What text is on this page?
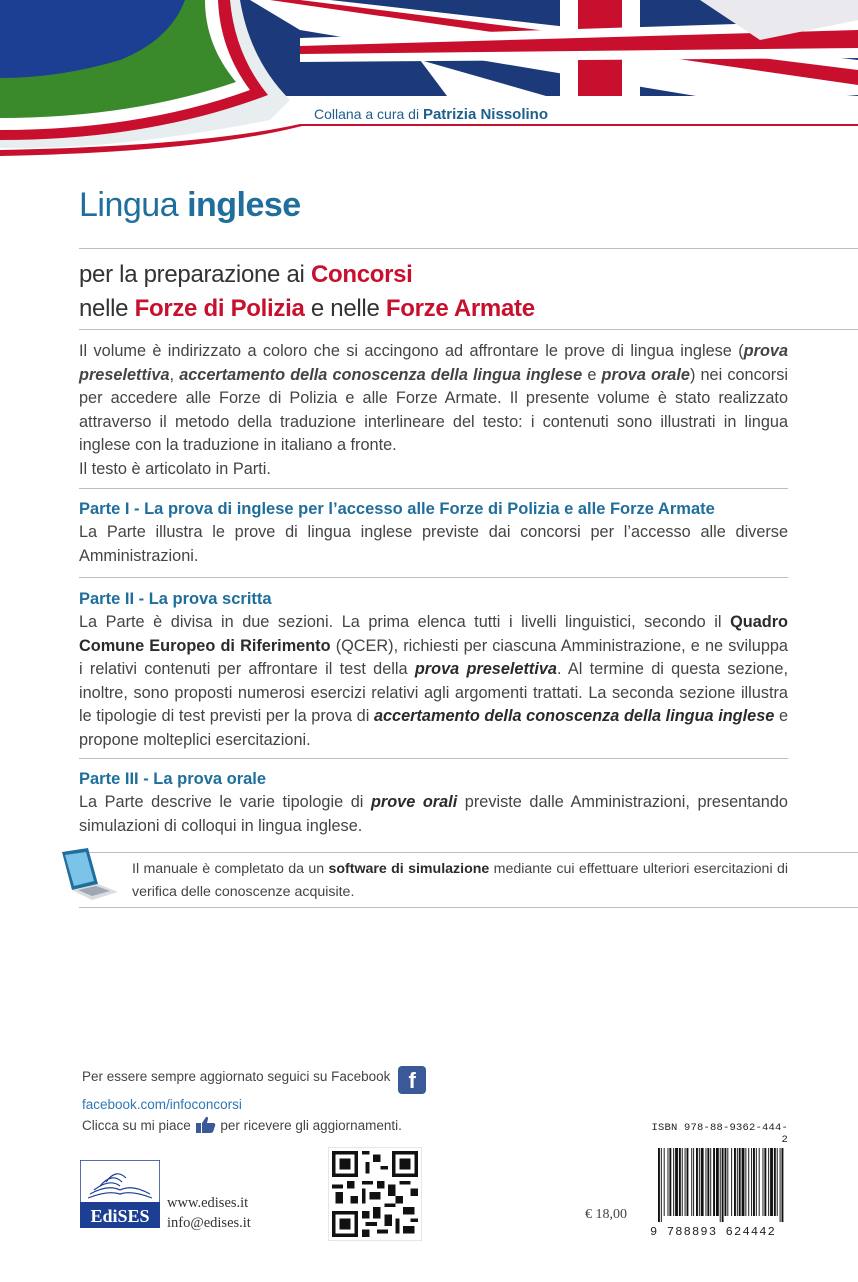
Collana a cura di Patrizia Nissolino
Lingua inglese
per la preparazione ai Concorsi
nelle Forze di Polizia e nelle Forze Armate

Il volume è indirizzato a coloro che si accingono ad affrontare le prove di lingua inglese (prova preselettiva, accertamento della conoscenza della lingua inglese e prova orale) nei concorsi per accedere alle Forze di Polizia e alle Forze Armate. Il presente volume è stato realizzato attraverso il metodo della traduzione interlineare del testo: i contenuti sono illustrati in lingua inglese con la traduzione in italiano a fronte.

Il testo è articolato in Parti.

Parte I - La prova di inglese per l’accesso alle Forze di Polizia e alle Forze Armate
La Parte illustra le prove di lingua inglese previste dai concorsi per l’accesso alle diverse Amministrazioni.
Parte II - La prova scritta
La Parte è divisa in due sezioni. La prima elenca tutti i livelli linguistici, secondo il Quadro Comune Europeo di Riferimento (QCER), richiesti per ciascuna Amministrazione, e ne sviluppa i relativi contenuti per affrontare il test della prova preselettiva. Al termine di questa sezione, inoltre, sono proposti numerosi esercizi relativi agli argomenti trattati. La seconda sezione illustra le tipologie di test previsti per la prova di accertamento della conoscenza della lingua inglese e propone molteplici esercitazioni.
Parte III - La prova orale
La Parte descrive le varie tipologie di prove orali previste dalle Amministrazioni, presentando simulazioni di colloqui in lingua inglese.
Il manuale è completato da un software di simulazione mediante cui effettuare ulteriori esercitazioni di verifica delle conoscenze acquisite.
Per essere sempre aggiornato seguici su Facebook f
facebook.com/infoconcorsi
Clicca su mi piace per ricevere gli aggiornamenti.
EdiSES
www.edises.it
info@edises.it
€ 18,00
ISBN 978-88-9362-444-2
9 788893 624442
